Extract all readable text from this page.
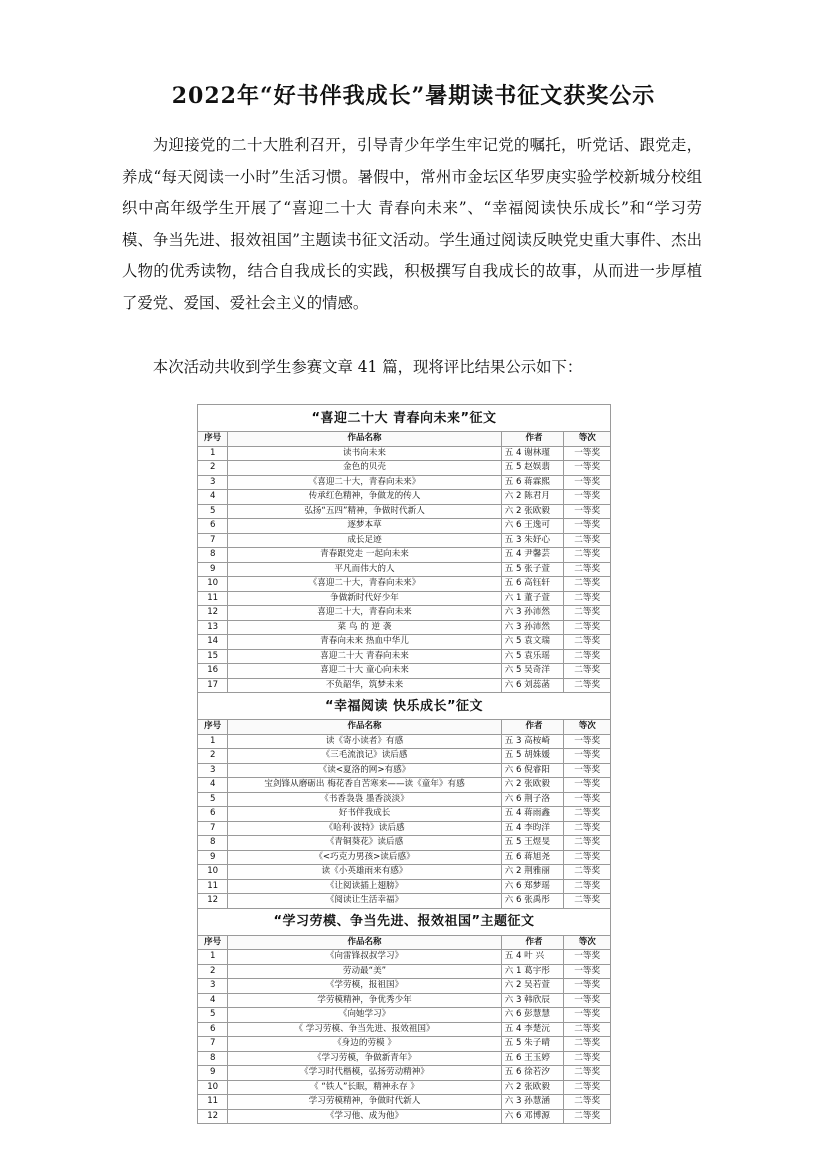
2022年“好书伴我成长”暑期读书征文获奖公示

为迎接党的二十大胜利召开，引导青少年学生牢记党的嘱托，听党话、跟党走，养成“每天阅读一小时”生活习惯。暑假中，常州市金坛区华罗庚实验学校新城分校组织中高年级学生开展了“喜迎二十大 青春向未来”、“幸福阅读快乐成长”和“学习劳模、争当先进、报效祖国”主题读书征文活动。学生通过阅读反映党史重大事件、杰出人物的优秀读物，结合自我成长的实践，积极撰写自我成长的故事，从而进一步厚植了爱党、爱国、爱社会主义的情感。

本次活动共收到学生参赛文章 41 篇，现将评比结果公示如下：

“喜迎二十大 青春向未来”征文			
序号	作品名称	作者	等次
1	读书向未来	五 4 谢林瑾	一等奖
2	金色的贝壳	五 5 赵娱翡	一等奖
3	《喜迎二十大，青春向未来》	五 6 蒋霖熙	一等奖
4	传承红色精神，争做龙的传人	六 2 陈君月	一等奖
5	弘扬“五四”精神，争做时代新人	六 2 张欧毅	一等奖
6	逐梦本草	六 6 王逸可	一等奖
7	成长足迹	五 3 朱妤心	二等奖
8	青春跟党走 一起向未来	五 4 尹馨芸	二等奖
9	平凡而伟大的人	五 5 张子萱	二等奖
10	《喜迎二十大，青春向未来》	五 6 高钰轩	二等奖
11	争做新时代好少年	六 1 董子萱	二等奖
12	喜迎二十大，青春向未来	六 3 孙沛然	二等奖
13	菜 鸟 的 逆 袭	六 3 孙沛然	二等奖
14	青春向未来 热血中华儿	六 5 袁文瑞	二等奖
15	喜迎二十大 青春向未来	六 5 袁乐瑶	二等奖
16	喜迎二十大 童心向未来	六 5 吴奇洋	二等奖
17	不负韶华，筑梦未来	六 6 刘蕊菡	二等奖
“幸福阅读 快乐成长”征文			
序号	作品名称	作者	等次
1	读《寄小读者》有感	五 3 高桉崎	一等奖
2	《三毛流浪记》读后感	五 5 胡姝媛	一等奖
3	《读<夏洛的网>有感》	六 6 倪睿阳	一等奖
4	宝剑锋从磨砺出 梅花香自苦寒来——读《童年》有感	六 2 张欧毅	一等奖
5	《书香袅袅 墨香淡淡》	六 6 荆子洛	一等奖
6	好书伴我成长	五 4 蒋雨鑫	二等奖
7	《哈利·波特》读后感	五 4 李昀洋	二等奖
8	《青铜葵花》读后感	五 5 王煜旻	二等奖
9	《<巧克力男孩>读后感》	五 6 蒋旭尧	二等奖
10	读《小英雄雨来有感》	六 2 荆雅丽	二等奖
11	《让阅读插上翅膀》	六 6 郑梦瑶	二等奖
12	《阅读让生活幸福》	六 6 张禹彤	二等奖
“学习劳模、争当先进、报效祖国”主题征文			
序号	作品名称	作者	等次
1	《向雷锋叔叔学习》	五 4 叶 兴	一等奖
2	劳动最“美”	六 1 葛宇彤	一等奖
3	《学劳模，报祖国》	六 2 吴若萱	一等奖
4	学劳模精神，争优秀少年	六 3 韩欣辰	一等奖
5	《向她学习》	六 6 彭慧慧	一等奖
6	《 学习劳模、争当先进、报效祖国》	五 4 李楚沅	二等奖
7	《身边的劳模 》	五 5 朱子晴	二等奖
8	《学习劳模，争做新青年》	五 6 王玉婷	二等奖
9	《学习时代楷模，弘扬劳动精神》	五 6 徐若汐	二等奖
10	《 “铁人”长眠，精神永存 》	六 2 张欧毅	二等奖
11	学习劳模精神，争做时代新人	六 3 孙慧涵	二等奖
12	《学习他、成为他》	六 6 邓博源	二等奖
